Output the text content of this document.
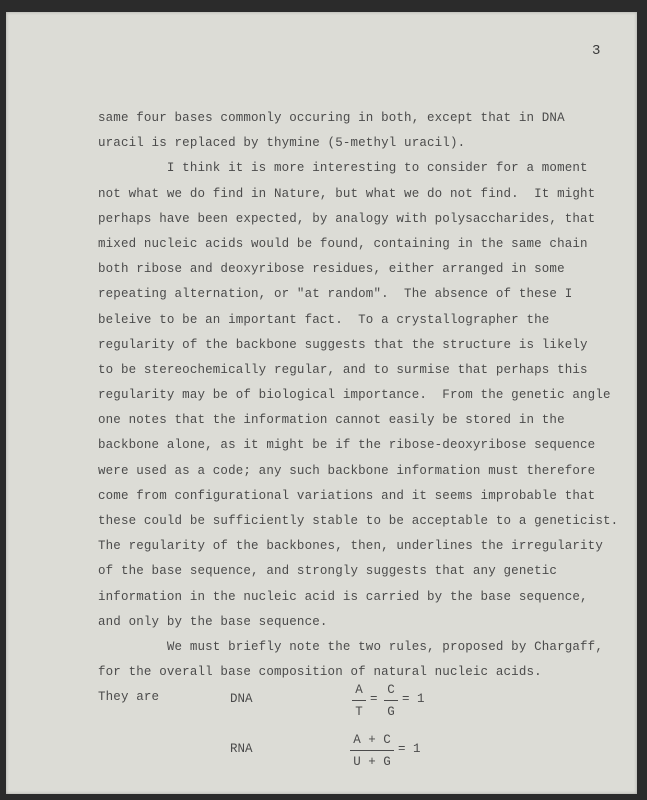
3
same four bases commonly occuring in both, except that in DNA
uracil is replaced by thymine (5-methyl uracil).
I think it is more interesting to consider for a moment
not what we do find in Nature, but what we do not find.  It might
perhaps have been expected, by analogy with polysaccharides, that
mixed nucleic acids would be found, containing in the same chain
both ribose and deoxyribose residues, either arranged in some
repeating alternation, or "at random".  The absence of these I
beleive to be an important fact.  To a crystallographer the
regularity of the backbone suggests that the structure is likely
to be stereochemically regular, and to surmise that perhaps this
regularity may be of biological importance.  From the genetic angle
one notes that the information cannot easily be stored in the
backbone alone, as it might be if the ribose-deoxyribose sequence
were used as a code; any such backbone information must therefore
come from configurational variations and it seems improbable that
these could be sufficiently stable to be acceptable to a geneticist.
The regularity of the backbones, then, underlines the irregularity
of the base sequence, and strongly suggests that any genetic
information in the nucleic acid is carried by the base sequence,
and only by the base sequence.
We must briefly note the two rules, proposed by Chargaff,
for the overall base composition of natural nucleic acids.
They are	DNA	$\frac{A}{T} = \frac{C}{G} = 1$
RNA	$\frac{A + C}{U + G} = 1$
